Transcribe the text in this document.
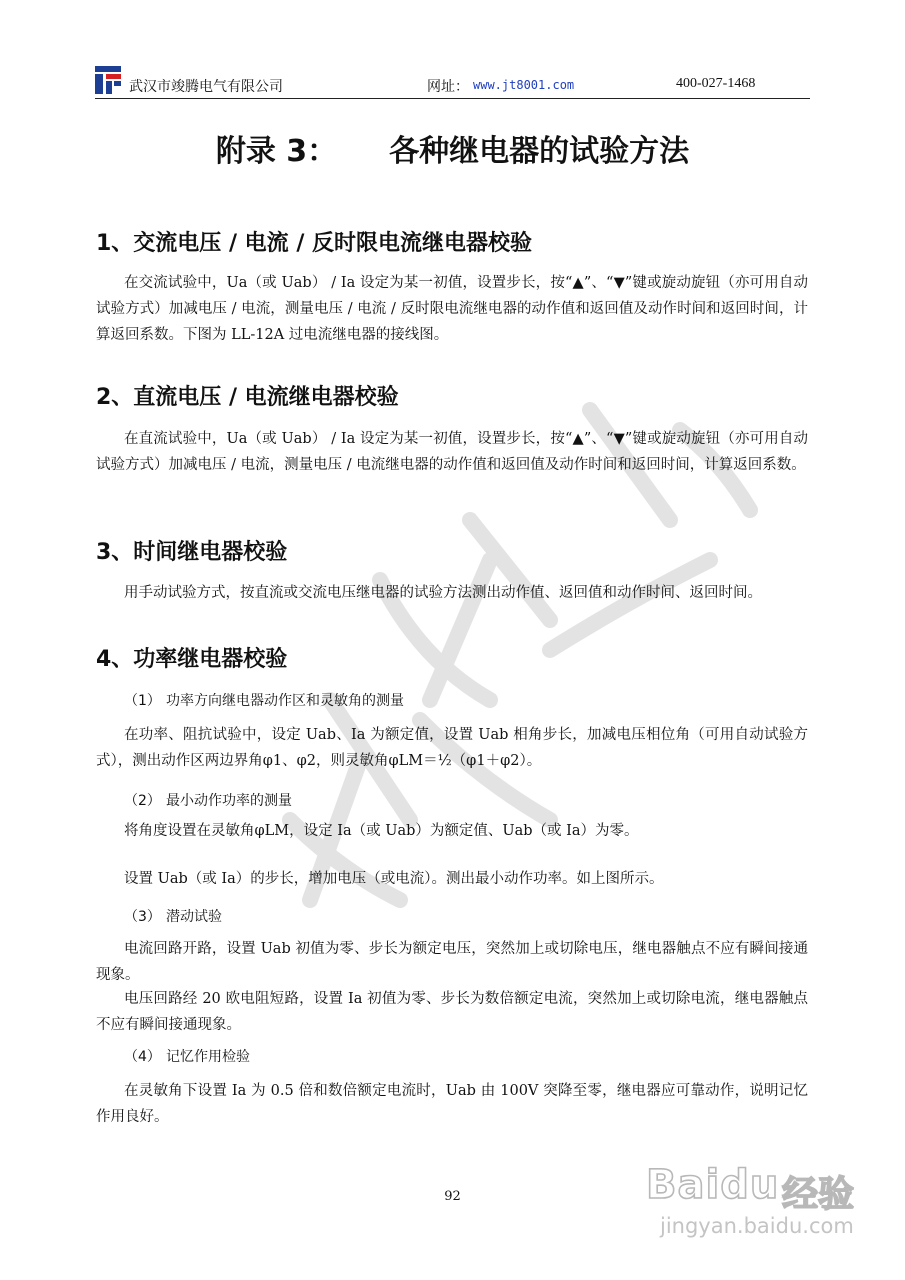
武汉市竣腾电气有限公司	网址： www.jt8001.com	400-027-1468
附录 3： 各种继电器的试验方法
1、交流电压 / 电流 / 反时限电流继电器校验

在交流试验中，Ua（或 Uab） / Ia 设定为某一初值，设置步长，按“▲”、“▼”键或旋动旋钮（亦可用自动试验方式）加减电压 / 电流，测量电压 / 电流 / 反时限电流继电器的动作值和返回值及动作时间和返回时间，计算返回系数。下图为 LL-12A 过电流继电器的接线图。

2、直流电压 / 电流继电器校验

在直流试验中，Ua（或 Uab） / Ia 设定为某一初值，设置步长，按“▲”、“▼”键或旋动旋钮（亦可用自动试验方式）加减电压 / 电流，测量电压 / 电流继电器的动作值和返回值及动作时间和返回时间，计算返回系数。

3、时间继电器校验

用手动试验方式，按直流或交流电压继电器的试验方法测出动作值、返回值和动作时间、返回时间。

4、功率继电器校验
（1） 功率方向继电器动作区和灵敏角的测量

在功率、阻抗试验中，设定 Uab、Ia 为额定值，设置 Uab 相角步长，加减电压相位角（可用自动试验方式），测出动作区两边界角φ1、φ2，则灵敏角φLM＝½（φ1＋φ2）。

（2） 最小动作功率的测量

将角度设置在灵敏角φLM，设定 Ia（或 Uab）为额定值、Uab（或 Ia）为零。

设置 Uab（或 Ia）的步长，增加电压（或电流）。测出最小动作功率。如上图所示。

（3） 潜动试验

电流回路开路，设置 Uab 初值为零、步长为额定电压，突然加上或切除电压，继电器触点不应有瞬间接通现象。

电压回路经 20 欧电阻短路，设置 Ia 初值为零、步长为数倍额定电流，突然加上或切除电流，继电器触点不应有瞬间接通现象。

（4） 记忆作用检验

在灵敏角下设置 Ia 为 0.5 倍和数倍额定电流时，Uab 由 100V 突降至零，继电器应可靠动作，说明记忆作用良好。

92	Baidu 经验
jingyan.baidu.com
